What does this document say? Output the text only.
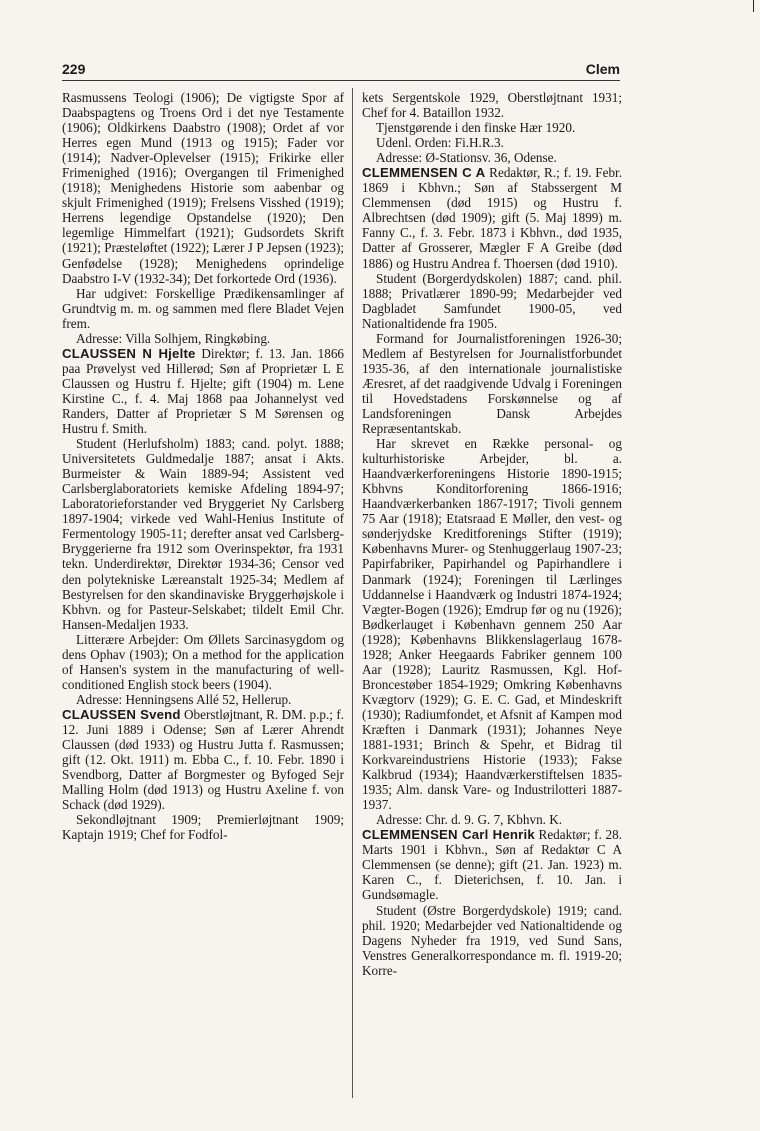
229	Clem

Rasmussens Teologi (1906); De vigtigste Spor af Daabspagtens og Troens Ord i det nye Testamente (1906); Oldkirkens Daabstro (1908); Ordet af vor Herres egen Mund (1913 og 1915); Fader vor (1914); Nadver-Oplevelser (1915); Frikirke eller Frimenighed (1916); Overgangen til Frimenighed (1918); Menighedens Historie som aabenbar og skjult Frimenighed (1919); Frelsens Visshed (1919); Herrens legendige Opstandelse (1920); Den legemlige Himmelfart (1921); Gudsordets Skrift (1921); Præsteløftet (1922); Lærer J P Jepsen (1923); Genfødelse (1928); Menighedens oprindelige Daabstro I-V (1932-34); Det forkortede Ord (1936).

Har udgivet: Forskellige Prædikensamlinger af Grundtvig m. m. og sammen med flere Bladet Vejen frem.

Adresse: Villa Solhjem, Ringkøbing.

CLAUSSEN N Hjelte Direktør; f. 13. Jan. 1866 paa Prøvelyst ved Hillerød; Søn af Proprietær L E Claussen og Hustru f. Hjelte; gift (1904) m. Lene Kirstine C., f. 4. Maj 1868 paa Johannelyst ved Randers, Datter af Proprietær S M Sørensen og Hustru f. Smith.

Student (Herlufsholm) 1883; cand. polyt. 1888; Universitetets Guldmedalje 1887; ansat i Akts. Burmeister & Wain 1889-94; Assistent ved Carlsberglaboratoriets kemiske Afdeling 1894-97; Laboratorieforstander ved Bryggeriet Ny Carlsberg 1897-1904; virkede ved Wahl-Henius Institute of Fermentology 1905-11; derefter ansat ved Carlsberg-Bryggerierne fra 1912 som Overinspektør, fra 1931 tekn. Underdirektør, Direktør 1934-36; Censor ved den polytekniske Læreanstalt 1925-34; Medlem af Bestyrelsen for den skandinaviske Bryggerhøjskole i Kbhvn. og for Pasteur-Selskabet; tildelt Emil Chr. Hansen-Medaljen 1933.

Litterære Arbejder: Om Øllets Sarcinasygdom og dens Ophav (1903); On a method for the application of Hansen's system in the manufacturing of well-conditioned English stock beers (1904).

Adresse: Henningsens Allé 52, Hellerup.

CLAUSSEN Svend Oberstløjtnant, R. DM. p.p.; f. 12. Juni 1889 i Odense; Søn af Lærer Ahrendt Claussen (død 1933) og Hustru Jutta f. Rasmussen; gift (12. Okt. 1911) m. Ebba C., f. 10. Febr. 1890 i Svendborg, Datter af Borgmester og Byfoged Sejr Malling Holm (død 1913) og Hustru Axeline f. von Schack (død 1929).

Sekondløjtnant 1909; Premierløjtnant 1909; Kaptajn 1919; Chef for Fodfol-

kets Sergentskole 1929, Oberstløjtnant 1931; Chef for 4. Bataillon 1932.

Tjenstgørende i den finske Hær 1920.

Udenl. Orden: Fi.H.R.3.

Adresse: Ø-Stationsv. 36, Odense.

CLEMMENSEN C A Redaktør, R.; f. 19. Febr. 1869 i Kbhvn.; Søn af Stabssergent M Clemmensen (død 1915) og Hustru f. Albrechtsen (død 1909); gift (5. Maj 1899) m. Fanny C., f. 3. Febr. 1873 i Kbhvn., død 1935, Datter af Grosserer, Mægler F A Greibe (død 1886) og Hustru Andrea f. Thoersen (død 1910).

Student (Borgerdydskolen) 1887; cand. phil. 1888; Privatlærer 1890-99; Medarbejder ved Dagbladet Samfundet 1900-05, ved Nationaltidende fra 1905.

Formand for Journalistforeningen 1926-30; Medlem af Bestyrelsen for Journalistforbundet 1935-36, af den internationale journalistiske Æresret, af det raadgivende Udvalg i Foreningen til Hovedstadens Forskønnelse og af Landsforeningen Dansk Arbejdes Repræsentantskab.

Har skrevet en Række personal- og kulturhistoriske Arbejder, bl. a. Haandværkerforeningens Historie 1890-1915; Kbhvns Konditorforening 1866-1916; Haandværkerbanken 1867-1917; Tivoli gennem 75 Aar (1918); Etatsraad E Møller, den vest- og sønderjydske Kreditforenings Stifter (1919); Københavns Murer- og Stenhuggerlaug 1907-23; Papirfabriker, Papirhandel og Papirhandlere i Danmark (1924); Foreningen til Lærlinges Uddannelse i Haandværk og Industri 1874-1924; Vægter-Bogen (1926); Emdrup før og nu (1926); Bødkerlauget i København gennem 250 Aar (1928); Københavns Blikkenslagerlaug 1678-1928; Anker Heegaards Fabriker gennem 100 Aar (1928); Lauritz Rasmussen, Kgl. Hof-Broncestøber 1854-1929; Omkring Københavns Kvægtorv (1929); G. E. C. Gad, et Mindeskrift (1930); Radiumfondet, et Afsnit af Kampen mod Kræften i Danmark (1931); Johannes Neye 1881-1931; Brinch & Spehr, et Bidrag til Korkvareindustriens Historie (1933); Fakse Kalkbrud (1934); Haandværkerstiftelsen 1835-1935; Alm. dansk Vare- og Industrilotteri 1887-1937.

Adresse: Chr. d. 9. G. 7, Kbhvn. K.

CLEMMENSEN Carl Henrik Redaktør; f. 28. Marts 1901 i Kbhvn., Søn af Redaktør C A Clemmensen (se denne); gift (21. Jan. 1923) m. Karen C., f. Dieterichsen, f. 10. Jan. i Gundsømagle.

Student (Østre Borgerdydskole) 1919; cand. phil. 1920; Medarbejder ved Nationaltidende og Dagens Nyheder fra 1919, ved Sund Sans, Venstres Generalkorrespondance m. fl. 1919-20; Korre-
